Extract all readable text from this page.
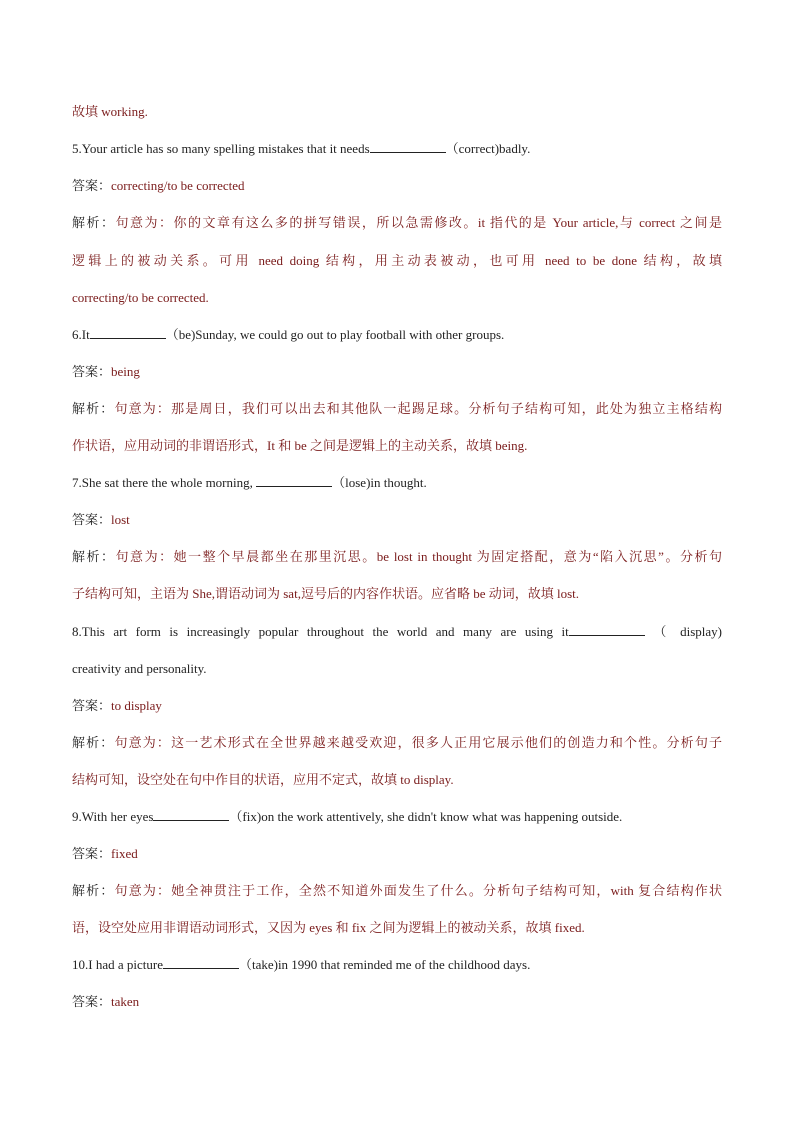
故填 working.
5.Your article has so many spelling mistakes that it needs	（correct)badly.
答案：correcting/to be corrected
解析：句意为：你的文章有这么多的拼写错误，所以急需修改。it 指代的是 Your article,与 correct 之间是
逻辑上的被动关系。可用 need doing 结构，用主动表被动，也可用 need to be done 结构，故填
correcting/to be corrected.
6.It	（be)Sunday, we could go out to play football with other groups.
答案：being
解析：句意为：那是周日，我们可以出去和其他队一起踢足球。分析句子结构可知，此处为独立主格结构
作状语，应用动词的非谓语形式，It 和 be 之间是逻辑上的主动关系，故填 being.
7.She sat there the whole morning,	（lose)in thought.
答案：lost
解析：句意为：她一整个早晨都坐在那里沉思。be lost in thought 为固定搭配，意为“陷入沉思”。分析句
子结构可知，主语为 She,谓语动词为 sat,逗号后的内容作状语。应省略 be 动词，故填 lost.
8.This art form is increasingly popular throughout the world and many are using it	（ display)
creativity and personality.
答案：to display
解析：句意为：这一艺术形式在全世界越来越受欢迎，很多人正用它展示他们的创造力和个性。分析句子
结构可知，设空处在句中作目的状语，应用不定式，故填 to display.
9.With her eyes	（fix)on the work attentively, she didn't know what was happening outside.
答案：fixed
解析：句意为：她全神贯注于工作，全然不知道外面发生了什么。分析句子结构可知，with 复合结构作状
语，设空处应用非谓语动词形式，又因为 eyes 和 fix 之间为逻辑上的被动关系，故填 fixed.
10.I had a picture	（take)in 1990 that reminded me of the childhood days.
答案：taken
